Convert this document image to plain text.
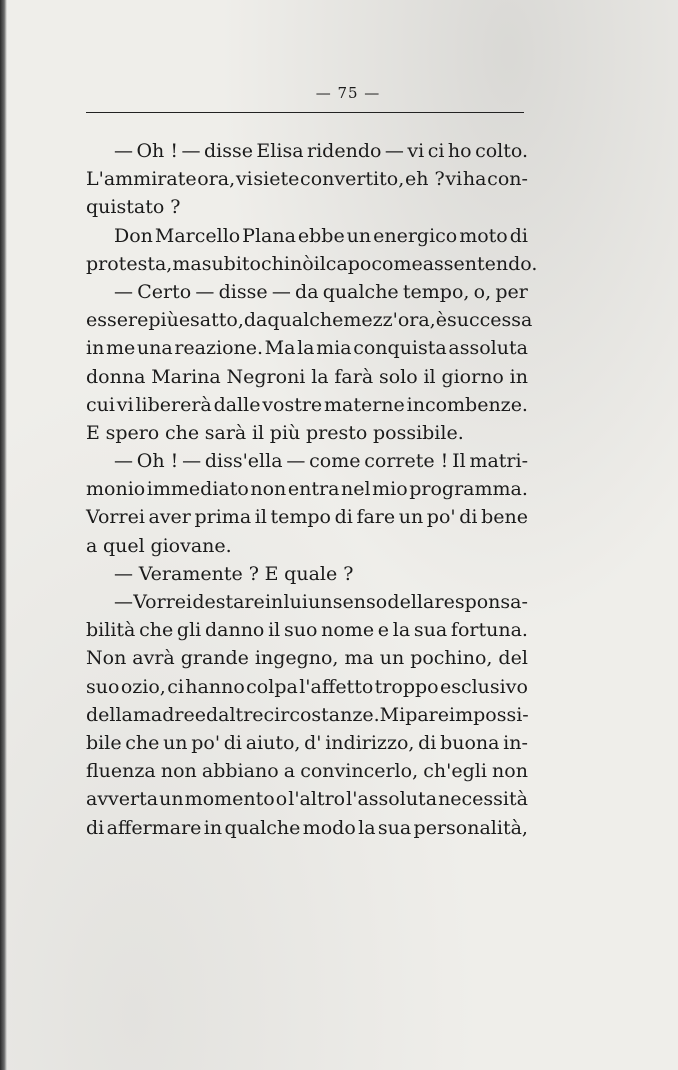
— 75 —
— Oh ! — disse Elisa ridendo — vi ci ho colto.
L'ammirate ora, vi siete convertito, eh ? vi ha con-
quistato ?
Don Marcello Plana ebbe un energico moto di
protesta, ma subito chinò il capo come assentendo.
— Certo — disse — da qualche tempo, o, per
essere più esatto, da qualche mezz'ora, è successa
in me una reazione. Ma la mia conquista assoluta
donna Marina Negroni la farà solo il giorno in
cui vi libererà dalle vostre materne incombenze.
E spero che sarà il più presto possibile.
— Oh ! — diss'ella — come correte ! Il matri-
monio immediato non entra nel mio programma.
Vorrei aver prima il tempo di fare un po' di bene
a quel giovane.
— Veramente ? E quale ?
— Vorrei destare in lui un senso della responsa-
bilità che gli danno il suo nome e la sua fortuna.
Non avrà grande ingegno, ma un pochino, del
suo ozio, ci hanno colpa l'affetto troppo esclusivo
della madre ed altre circostanze. Mi pare impossi-
bile che un po' di aiuto, d' indirizzo, di buona in-
fluenza non abbiano a convincerlo, ch'egli non
avverta un momento o l'altro l'assoluta necessità
di affermare in qualche modo la sua personalità,
